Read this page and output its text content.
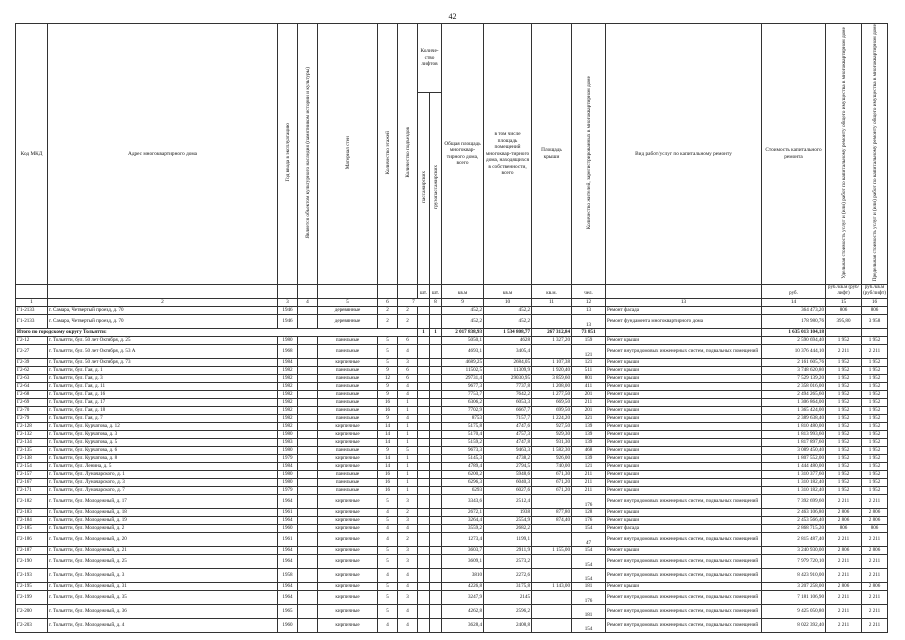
42
Код МКД	Адрес многоквартирного дома	Год ввода в эксплуатацию	Является объектом культурного наследия (памятником истории и культуры)	Материал стен	Количество этажей	Количество подъездов	Количе-ство лифтов		Общая площадь многоквар-тирного дома, всего	в том числе площадь помещений многоквар-тирного дома, находящихся в собственности, всего	Площадь крыши	Количество жителей, зарегистрированных в многоквартирном доме	Вид работ/услуг по капитальному ремонту	Стоимость капитального ремонта	Удельная стоимость услуг и (или) работ по капитальному ремонту общего имущества в многоквартирном доме	Предельная стоимость услуг и (или) работ по капитальному ремонту общего имущества в многоквартирном доме
							пассажирских	грузопассажирских								
							шт.	шт.	кв.м	кв.м	кв.м.	чел.		руб.	руб./кв.м (руб/лифт)	руб./кв.м (руб/лифт)
1	2	3	4	5	6	7		8	9	10	11	12	13	14	15	16
Г1-2133	г. Самара, Четвертый проезд, д. 70	1946		деревянные	2	2			452,2	452,2		13	Ремонт фасада	364 473,20	806	806
Г1-2133	г. Самара, Четвертый проезд, д. 70	1946		деревянные	2	2			452,2	452,2		13	Ремонт фундамента многоквартирного дома	178 980,76	395,80	3 958
Итого по городскому округу Тольятти:							1	1	2 017 838,93	1 534 808,77	267 312,84	73 851		1 635 013 104,18		
Г2-12	г. Тольятти, бул. 50 лет Октября, д. 25	1980		панельные	5	6			5050,1	4628	1 327,20	159	Ремонт крыши	2 590 694,40	1 952	1 952
Г2-27	г. Тольятти, бул. 50 лет Октября, д. 53 А	1968		панельные	5	4			4693,1	3405,4		121	Ремонт внутридомовых инженерных систем, подвальных помещений	10 376 444,10	2 211	2 211
Г2-39	г. Тольятти, бул. 50 лет Октября, д. 73	1984		кирпичные	5	3			4689,25	2684,05	1 107,38	121	Ремонт крыши	2 161 605,76	1 952	1 952
Г2-62	г. Тольятти, бул. Гая, д. 1	1982		панельные	9	6			11502,5	11309,9	1 920,40	511	Ремонт крыши	3 748 620,80	1 952	1 952
Г2-63	г. Тольятти, бул. Гая, д. 3	1982		панельные	12	6			29731,4	29030,95	3 859,60	801	Ремонт крыши	7 529 139,20	1 952	1 952
Г2-64	г. Тольятти, бул. Гая, д. 11	1982		панельные	9	4			9677,3	7737,8	1 208,00	411	Ремонт крыши	2 358 016,00	1 952	1 952
Г2-68	г. Тольятти, бул. Гая, д. 16	1982		панельные	9	4			7753,7	7642,2	1 277,50	201	Ремонт крыши	2 494 265,60	1 952	1 952
Г2-69	г. Тольятти, бул. Гая, д. 17	1982		панельные	16	1			6306,2	6053,3	669,50	211	Ремонт крыши	1 306 864,00	1 952	1 952
Г2-70	г. Тольятти, бул. Гая, д. 18	1982		панельные	16	1			7702,9	6667,7	699,50	201	Ремонт крыши	1 365 424,00	1 952	1 952
Г2-79	г. Тольятти, бул. Гая, д. 7	1982		панельные	9	4			8753	7157,7	1 224,20	321	Ремонт крыши	2 389 638,40	1 952	1 952
Г2-128	г. Тольятти, бул. Курчатова, д. 12	1982		кирпичные	14	1			5175,8	4747,6	927,50	139	Ремонт крыши	1 810 480,00	1 952	1 952
Г2-132	г. Тольятти, бул. Курчатова, д. 3	1980		кирпичные	14	1			5170,4	4757,3	929,30	139	Ремонт крыши	1 813 993,60	1 952	1 952
Г2-134	г. Тольятти, бул. Курчатова, д. 5	1983		кирпичные	14	1			5159,2	4747,8	931,30	139	Ремонт крыши	1 817 897,60	1 952	1 952
Г2-135	г. Тольятти, бул. Курчатова, д. 6	1980		панельные	9	5			9673,3	9463,3	1 582,30	468	Ремонт крыши	3 089 450,40	1 952	1 952
Г2-138	г. Тольятти, бул. Курчатова, д. 8	1979		кирпичные	14	1			5145,3	4738,2	926,00	139	Ремонт крыши	1 807 552,00	1 952	1 952
Г2-154	г. Тольятти, бул. Ленина, д. 5	1984		кирпичные	14	1			4789,4	2794,5	740,00	121	Ремонт крыши	1 444 480,00	1 952	1 952
Г2-157	г. Тольятти, бул. Луначарского, д. 1	1980		панельные	16	1			6200,2	5948,6	671,30	211	Ремонт крыши	1 310 377,60	1 952	1 952
Г2-167	г. Тольятти, бул. Луначарского, д. 3	1980		панельные	16	1			6296,3	6040,3	671,20	211	Ремонт крыши	1 310 182,40	1 952	1 952
Г2-171	г. Тольятти, бул. Луначарского, д. 7	1979		панельные	16	1			6293	6027,6	671,20	211	Ремонт крыши	1 310 182,40	1 952	1 952
Г2-182	г. Тольятти, бул. Молодежный, д. 17	1964		кирпичные	5	3			3343,6	2512,4		176	Ремонт внутридомовых инженерных систем, подвальных помещений	7 392 699,60	2 211	2 211
Г2-183	г. Тольятти, бул. Молодежный, д. 18	1961		кирпичные	4	2			2672,1	1938	877,80	128	Ремонт крыши	2 463 106,80	2 806	2 806
Г2-184	г. Тольятти, бул. Молодежный, д. 19	1964		кирпичные	5	3			3264,4	2554,9	874,40	176	Ремонт крыши	2 453 566,40	2 806	2 806
Г2-185	г. Тольятти, бул. Молодежный, д. 2	1960		кирпичные	4	4			3559,2	2682,2		154	Ремонт фасада	2 868 715,20	806	806
Г2-186	г. Тольятти, бул. Молодежный, д. 20	1961		кирпичные	4	2			1273,4	1199,1		47	Ремонт внутридомовых инженерных систем, подвальных помещений	2 815 487,40	2 211	2 211
Г2-187	г. Тольятти, бул. Молодежный, д. 21	1964		кирпичные	5	3			3603,7	2911,9	1 155,00	154	Ремонт крыши	3 240 930,00	2 806	2 806
Г2-190	г. Тольятти, бул. Молодежный, д. 25	1964		кирпичные	5	3			3609,1	2573,2		154	Ремонт внутридомовых инженерных систем, подвальных помещений	7 979 720,10	2 211	2 211
Г2-193	г. Тольятти, бул. Молодежный, д. 3	1958		кирпичные	4	4			3810	2272,6		154	Ремонт внутридомовых инженерных систем, подвальных помещений	8 423 910,00	2 211	2 211
Г2-195	г. Тольятти, бул. Молодежный, д. 31	1964		кирпичные	5	4			4226,8	3175,8	1 143,00	181	Ремонт крыши	3 207 258,00	2 806	2 806
Г2-199	г. Тольятти, бул. Молодежный, д. 35	1964		кирпичные	5	3			3247,9	2145		176	Ремонт внутридомовых инженерных систем, подвальных помещений	7 181 106,90	2 211	2 211
Г2-200	г. Тольятти, бул. Молодежный, д. 36	1965		кирпичные	5	4			4262,8	2596,2		181	Ремонт внутридомовых инженерных систем, подвальных помещений	9 425 050,80	2 211	2 211
Г2-203	г. Тольятти, бул. Молодежный, д. 4	1960		кирпичные	4	4			3628,4	2408,8		154	Ремонт внутридомовых инженерных систем, подвальных помещений	8 022 392,40	2 211	2 211
